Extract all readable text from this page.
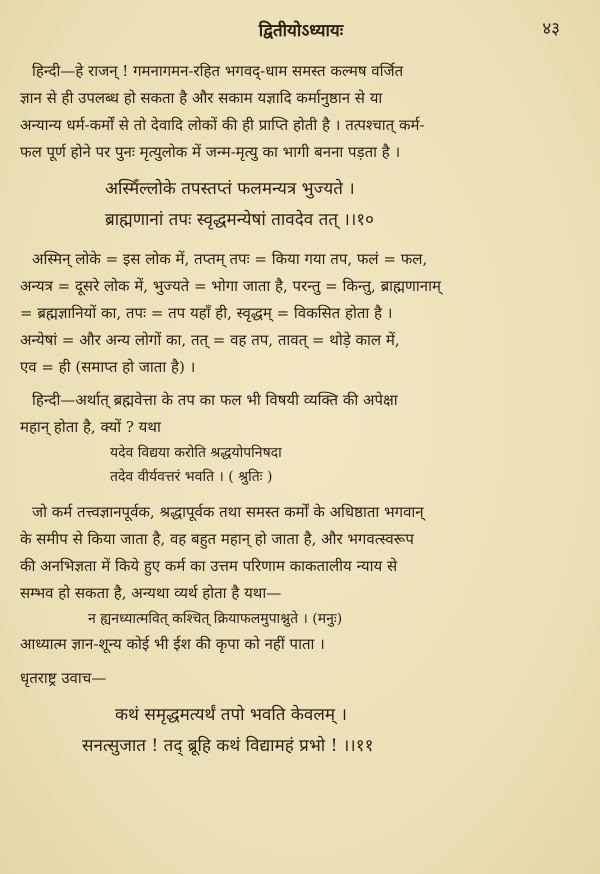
द्वितीयोऽध्यायः	४३

हिन्दी—हे राजन् ! गमनागमन-रहित भगवद्-धाम समस्त कल्मष वर्जित
ज्ञान से ही उपलब्ध हो सकता है और सकाम यज्ञादि कर्मानुष्ठान से या
अन्यान्य धर्म-कर्मों से तो देवादि लोकों की ही प्राप्ति होती है । तत्पश्चात् कर्म-
फल पूर्ण होने पर पुनः मृत्युलोक में जन्म-मृत्यु का भागी बनना पड़ता है ।

अस्मिँल्लोके तपस्तप्तं फलमन्यत्र भुज्यते ।
ब्राह्मणानां तपः स्वृद्धमन्येषां तावदेव तत् ।।१०

अस्मिन् लोके = इस लोक में, तप्तम् तपः = किया गया तप, फलं = फल,
अन्यत्र = दूसरे लोक में, भुज्यते = भोगा जाता है, परन्तु = किन्तु, ब्राह्मणानाम्
= ब्रह्मज्ञानियों का, तपः = तप यहाँ ही, स्वृद्धम् = विकसित होता है ।
अन्येषां = और अन्य लोगों का, तत् = वह तप, तावत् = थोड़े काल में,
एव = ही (समाप्त हो जाता है) ।

हिन्दी—अर्थात् ब्रह्मवेत्ता के तप का फल भी विषयी व्यक्ति की अपेक्षा
महान् होता है, क्यों ? यथा

यदेव विद्यया करोति श्रद्धयोपनिषदा
तदेव वीर्यवत्तरं भवति । ( श्रुतिः )

जो कर्म तत्त्वज्ञानपूर्वक, श्रद्धापूर्वक तथा समस्त कर्मों के अधिष्ठाता भगवान्
के समीप से किया जाता है, वह बहुत महान् हो जाता है, और भगवत्स्वरूप
की अनभिज्ञता में किये हुए कर्म का उत्तम परिणाम काकतालीय न्याय से
सम्भव हो सकता है, अन्यथा व्यर्थ होता है यथा—

न ह्यनध्यात्मवित् कश्चित् क्रियाफलमुपाश्नुते । (मनुः)

आध्यात्म ज्ञान-शून्य कोई भी ईश की कृपा को नहीं पाता ।

धृतराष्ट्र उवाच—

कथं समृद्धमत्यर्थं तपो भवति केवलम् ।
सनत्सुजात ! तद् ब्रूहि कथं विद्यामहं प्रभो ! ।।११
